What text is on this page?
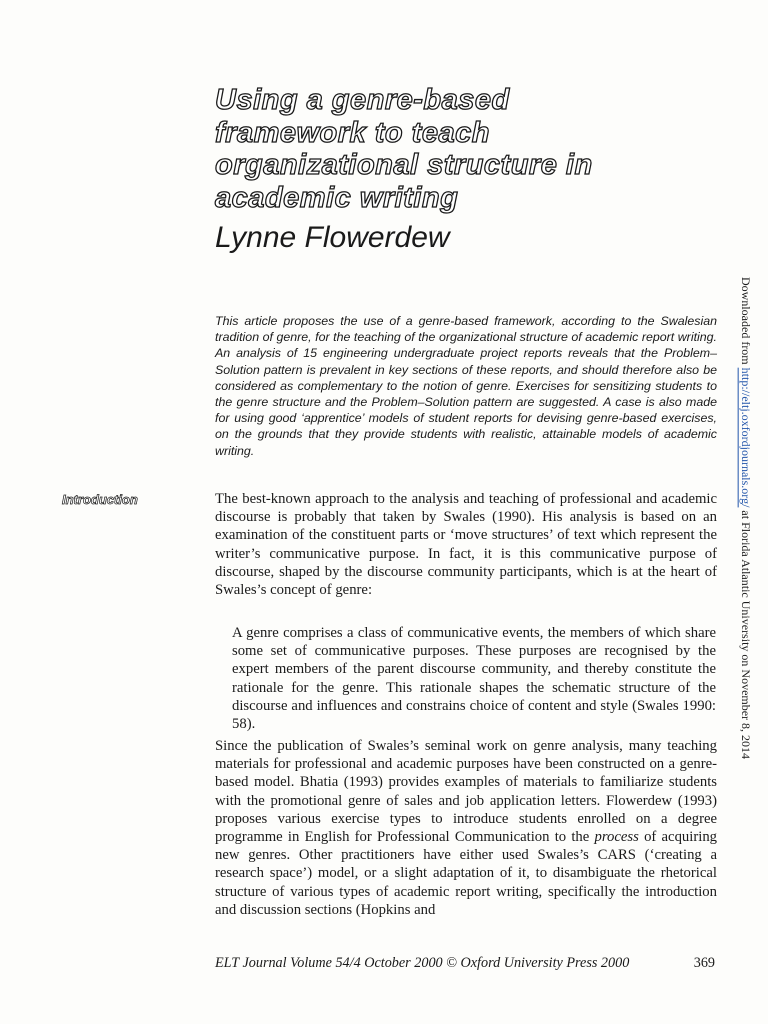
Using a genre-based
framework to teach
organizational structure in
academic writing
Lynne Flowerdew
This article proposes the use of a genre-based framework, according to the Swalesian tradition of genre, for the teaching of the organizational structure of academic report writing. An analysis of 15 engineering undergraduate project reports reveals that the Problem–Solution pattern is prevalent in key sections of these reports, and should therefore also be considered as complementary to the notion of genre. Exercises for sensitizing students to the genre structure and the Problem–Solution pattern are suggested. A case is also made for using good ‘apprentice’ models of student reports for devising genre-based exercises, on the grounds that they provide students with realistic, attainable models of academic writing.
Introduction	The best-known approach to the analysis and teaching of professional and academic discourse is probably that taken by Swales (1990). His analysis is based on an examination of the constituent parts or ‘move structures’ of text which represent the writer’s communicative purpose. In fact, it is this communicative purpose of discourse, shaped by the discourse community participants, which is at the heart of Swales’s concept of genre:

A genre comprises a class of communicative events, the members of which share some set of communicative purposes. These purposes are recognised by the expert members of the parent discourse community, and thereby constitute the rationale for the genre. This rationale shapes the schematic structure of the discourse and influences and constrains choice of content and style (Swales 1990: 58).

Since the publication of Swales’s seminal work on genre analysis, many teaching materials for professional and academic purposes have been constructed on a genre-based model. Bhatia (1993) provides examples of materials to familiarize students with the promotional genre of sales and job application letters. Flowerdew (1993) proposes various exercise types to introduce students enrolled on a degree programme in English for Professional Communication to the process of acquiring new genres. Other practitioners have either used Swales’s CARS (‘creating a research space’) model, or a slight adaptation of it, to disambiguate the rhetorical structure of various types of academic report writing, specifically the introduction and discussion sections (Hopkins and

ELT Journal Volume 54/4 October 2000 © Oxford University Press 2000	369
Downloaded from http://eltj.oxfordjournals.org/ at Florida Atlantic University on November 8, 2014
